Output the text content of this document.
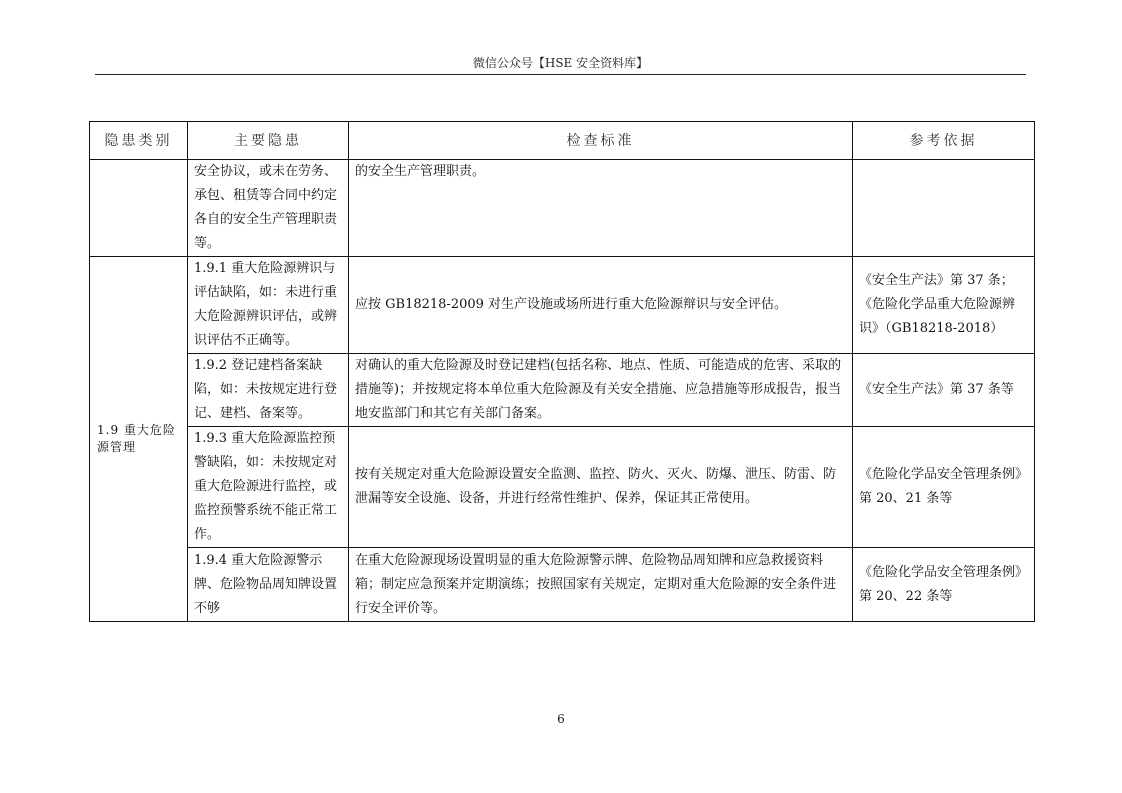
微信公众号【HSE 安全资料库】
隐患类别	主要隐患	检查标准	参考依据
	安全协议，或未在劳务、承包、租赁等合同中约定各自的安全生产管理职责等。	的安全生产管理职责。	
1.9 重大危险源管理	1.9.1 重大危险源辨识与评估缺陷，如：未进行重大危险源辨识评估，或辨识评估不正确等。	应按 GB18218-2009 对生产设施或场所进行重大危险源辩识与安全评估。	《安全生产法》第 37 条；《危险化学品重大危险源辨识》（GB18218-2018）
	1.9.2 登记建档备案缺陷，如：未按规定进行登记、建档、备案等。	对确认的重大危险源及时登记建档(包括名称、地点、性质、可能造成的危害、采取的措施等)；并按规定将本单位重大危险源及有关安全措施、应急措施等形成报告，报当地安监部门和其它有关部门备案。	《安全生产法》第 37 条等
	1.9.3 重大危险源监控预警缺陷，如：未按规定对重大危险源进行监控，或监控预警系统不能正常工作。	按有关规定对重大危险源设置安全监测、监控、防火、灭火、防爆、泄压、防雷、防泄漏等安全设施、设备，并进行经常性维护、保养，保证其正常使用。	《危险化学品安全管理条例》第 20、21 条等
	1.9.4 重大危险源警示牌、危险物品周知牌设置不够	在重大危险源现场设置明显的重大危险源警示牌、危险物品周知牌和应急救援资料箱；制定应急预案并定期演练；按照国家有关规定，定期对重大危险源的安全条件进行安全评价等。	《危险化学品安全管理条例》第 20、22 条等
6
